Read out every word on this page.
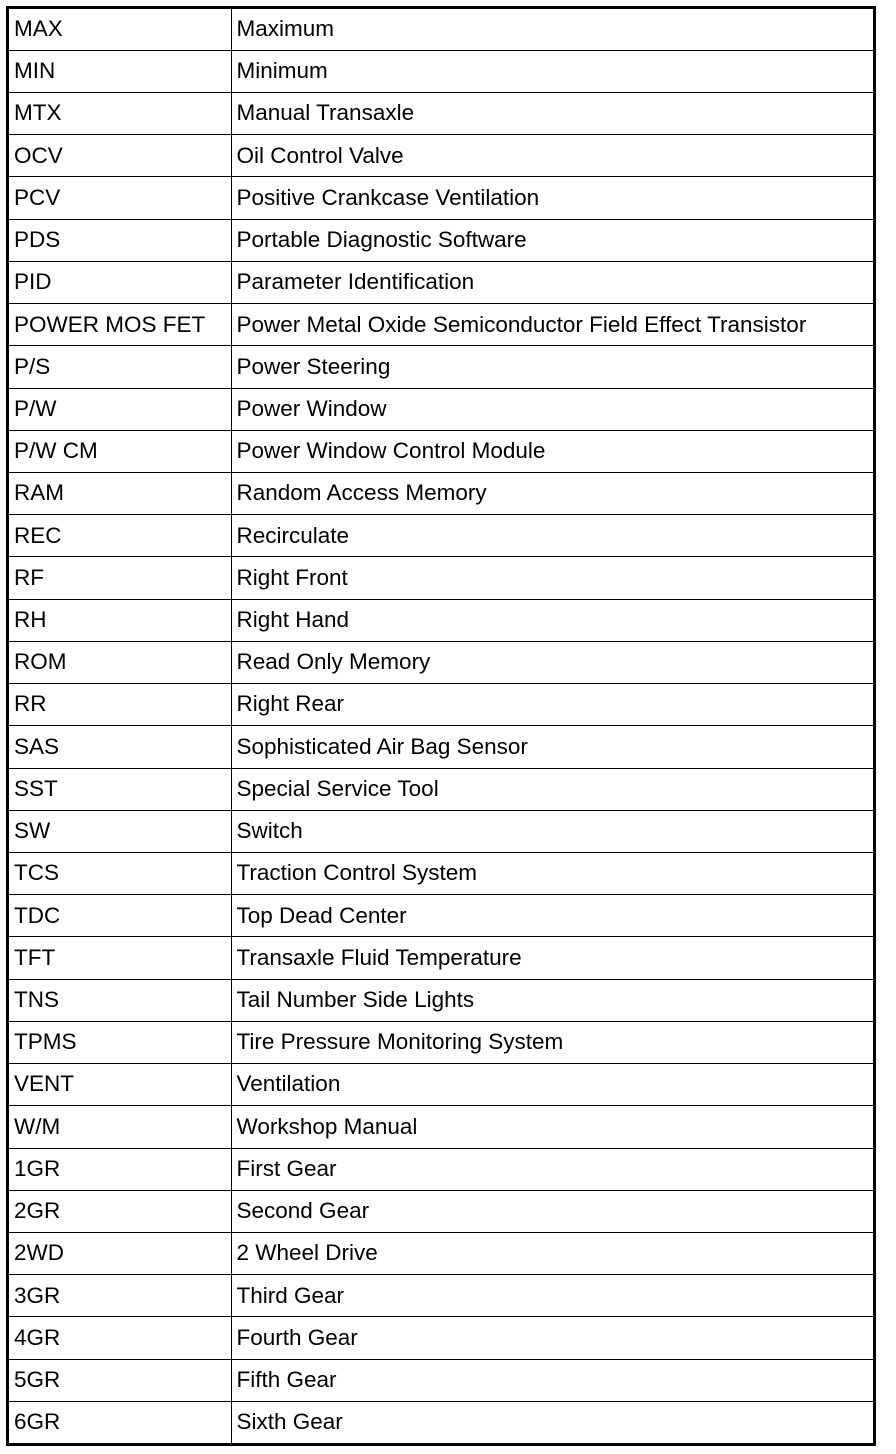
MAX	Maximum
MIN	Minimum
MTX	Manual Transaxle
OCV	Oil Control Valve
PCV	Positive Crankcase Ventilation
PDS	Portable Diagnostic Software
PID	Parameter Identification
POWER MOS FET	Power Metal Oxide Semiconductor Field Effect Transistor
P/S	Power Steering
P/W	Power Window
P/W CM	Power Window Control Module
RAM	Random Access Memory
REC	Recirculate
RF	Right Front
RH	Right Hand
ROM	Read Only Memory
RR	Right Rear
SAS	Sophisticated Air Bag Sensor
SST	Special Service Tool
SW	Switch
TCS	Traction Control System
TDC	Top Dead Center
TFT	Transaxle Fluid Temperature
TNS	Tail Number Side Lights
TPMS	Tire Pressure Monitoring System
VENT	Ventilation
W/M	Workshop Manual
1GR	First Gear
2GR	Second Gear
2WD	2 Wheel Drive
3GR	Third Gear
4GR	Fourth Gear
5GR	Fifth Gear
6GR	Sixth Gear
